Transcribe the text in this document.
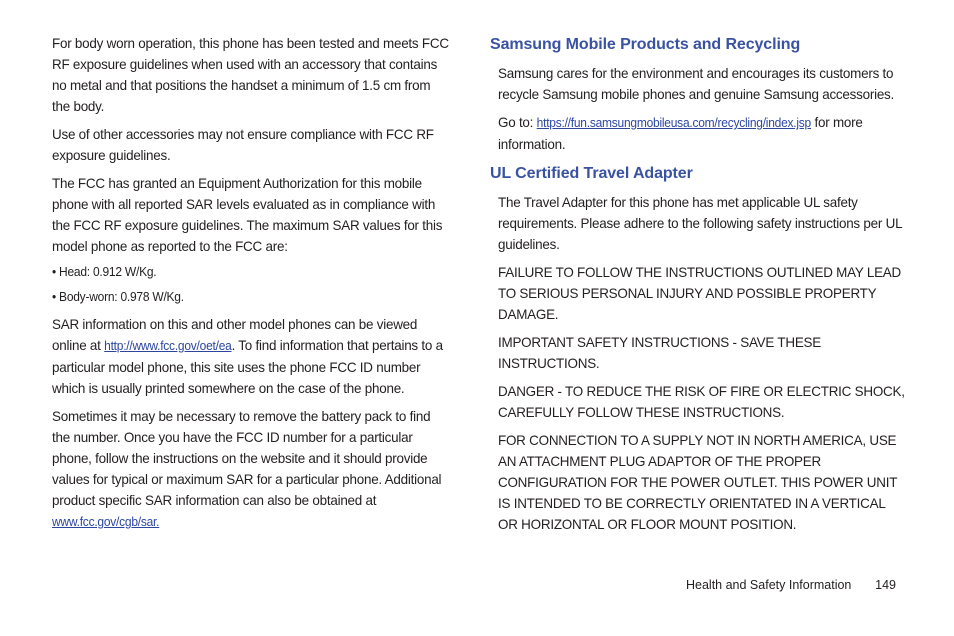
For body worn operation, this phone has been tested and meets FCC RF exposure guidelines when used with an accessory that contains no metal and that positions the handset a minimum of 1.5 cm from the body.

Use of other accessories may not ensure compliance with FCC RF exposure guidelines.

The FCC has granted an Equipment Authorization for this mobile phone with all reported SAR levels evaluated as in compliance with the FCC RF exposure guidelines. The maximum SAR values for this model phone as reported to the FCC are:

• Head: 0.912 W/Kg.

• Body-worn: 0.978 W/Kg.

SAR information on this and other model phones can be viewed online at http://www.fcc.gov/oet/ea. To find information that pertains to a particular model phone, this site uses the phone FCC ID number which is usually printed somewhere on the case of the phone.

Sometimes it may be necessary to remove the battery pack to find the number. Once you have the FCC ID number for a particular phone, follow the instructions on the website and it should provide values for typical or maximum SAR for a particular phone. Additional product specific SAR information can also be obtained at www.fcc.gov/cgb/sar.

Samsung Mobile Products and Recycling

Samsung cares for the environment and encourages its customers to recycle Samsung mobile phones and genuine Samsung accessories.

Go to: https://fun.samsungmobileusa.com/recycling/index.jsp for more information.

UL Certified Travel Adapter

The Travel Adapter for this phone has met applicable UL safety requirements. Please adhere to the following safety instructions per UL guidelines.

FAILURE TO FOLLOW THE INSTRUCTIONS OUTLINED MAY LEAD TO SERIOUS PERSONAL INJURY AND POSSIBLE PROPERTY DAMAGE.

IMPORTANT SAFETY INSTRUCTIONS - SAVE THESE INSTRUCTIONS.

DANGER - TO REDUCE THE RISK OF FIRE OR ELECTRIC SHOCK, CAREFULLY FOLLOW THESE INSTRUCTIONS.

FOR CONNECTION TO A SUPPLY NOT IN NORTH AMERICA, USE AN ATTACHMENT PLUG ADAPTOR OF THE PROPER CONFIGURATION FOR THE POWER OUTLET. THIS POWER UNIT IS INTENDED TO BE CORRECTLY ORIENTATED IN A VERTICAL OR HORIZONTAL OR FLOOR MOUNT POSITION.

Health and Safety Information 149
